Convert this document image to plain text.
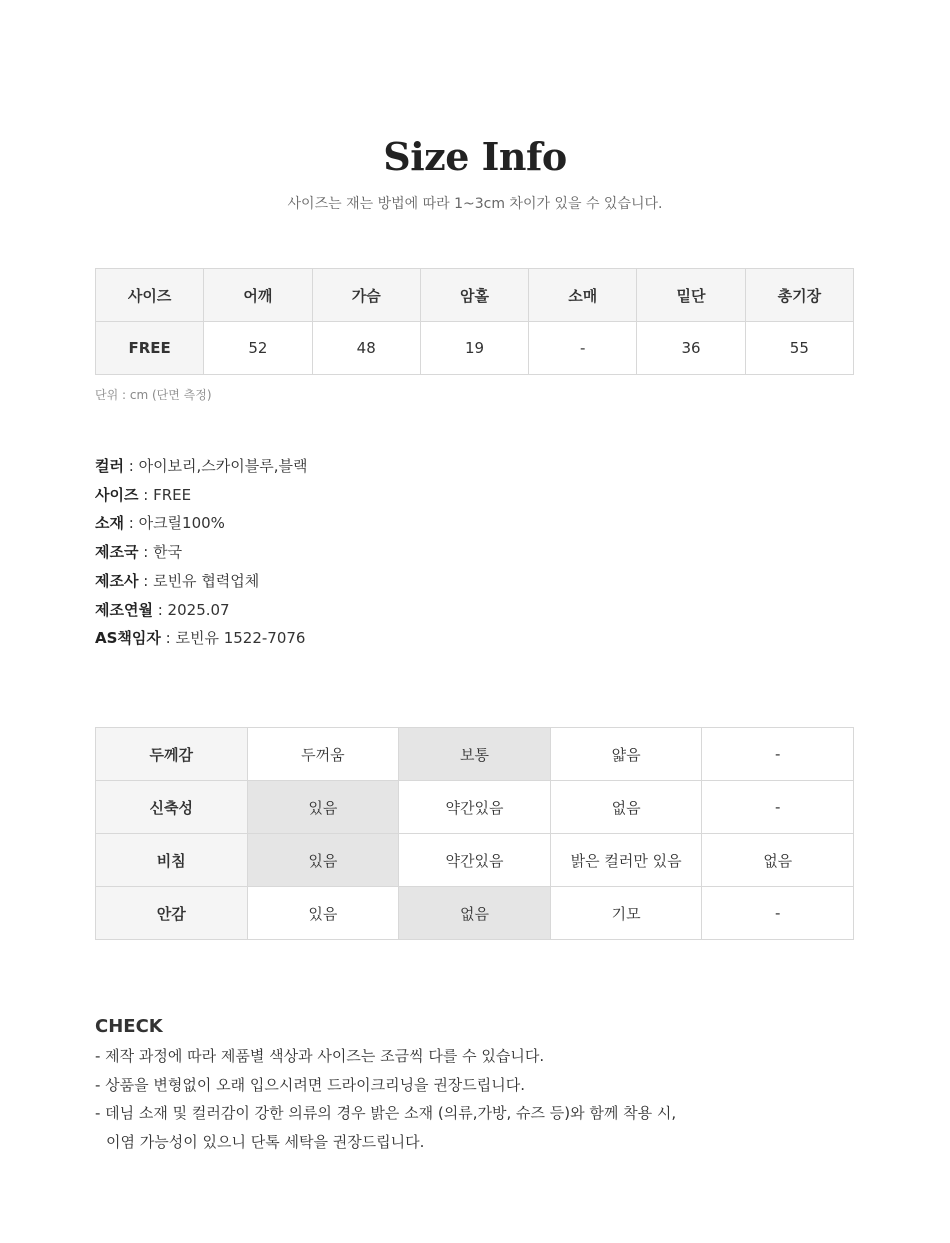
Size Info
사이즈는 재는 방법에 따라 1~3cm 차이가 있을 수 있습니다.
사이즈	어깨	가슴	암홀	소매	밑단	총기장
FREE	52	48	19	-	36	55
단위 : cm (단면 측정)
컬러 : 아이보리,스카이블루,블랙
사이즈 : FREE
소재 : 아크릴100%
제조국 : 한국
제조사 : 로빈유 협력업체
제조연월 : 2025.07
AS책임자 : 로빈유 1522-7076
두께감	두꺼움	보통	얇음	-
신축성	있음	약간있음	없음	-
비침	있음	약간있음	밝은 컬러만 있음	없음
안감	있음	없음	기모	-
CHECK
- 제작 과정에 따라 제품별 색상과 사이즈는 조금씩 다를 수 있습니다.
- 상품을 변형없이 오래 입으시려면 드라이크리닝을 권장드립니다.
- 데님 소재 및 컬러감이 강한 의류의 경우 밝은 소재 (의류,가방, 슈즈 등)와 함께 착용 시,
이염 가능성이 있으니 단톡 세탁을 권장드립니다.
